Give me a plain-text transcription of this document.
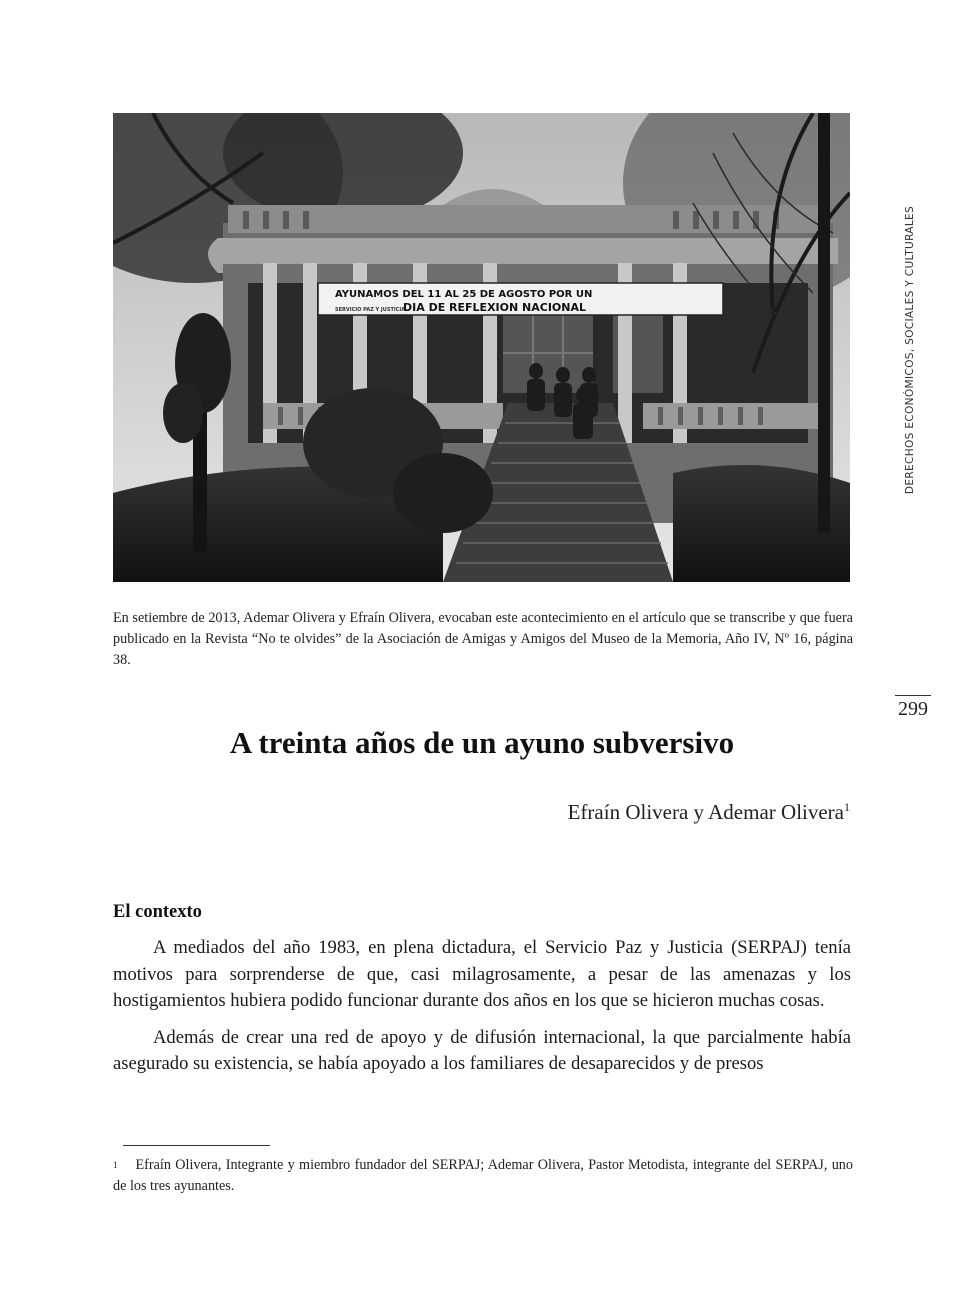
AYUNAMOS DEL 11 AL 25 DE AGOSTO POR UN
DIA DE REFLEXION NACIONAL
SERVICIO PAZ Y JUSTICIA	DERECHOS ECONÓMICOS, SOCIALES Y CULTURALES
299
En setiembre de 2013, Ademar Olivera y Efraín Olivera, evocaban este acontecimiento en el artículo que se transcribe y que fuera publicado en la Revista “No te olvides” de la Asociación de Amigas y Amigos del Museo de la Memoria, Año IV, Nº 16, página 38.
A treinta años de un ayuno subversivo
Efraín Olivera y Ademar Olivera$^1$
El contexto

A mediados del año 1983, en plena dictadura, el Servicio Paz y Justicia (SERPAJ) tenía motivos para sorprenderse de que, casi milagrosamente, a pesar de las amenazas y los hostigamientos hubiera podido funcionar durante dos años en los que se hicieron muchas cosas.

Además de crear una red de apoyo y de difusión internacional, la que parcialmente había asegurado su existencia, se había apoyado a los familiares de desaparecidos y de presos

$^1$ Efraín Olivera, Integrante y miembro fundador del SERPAJ; Ademar Olivera, Pastor Metodista, integrante del SERPAJ, uno de los tres ayunantes.
